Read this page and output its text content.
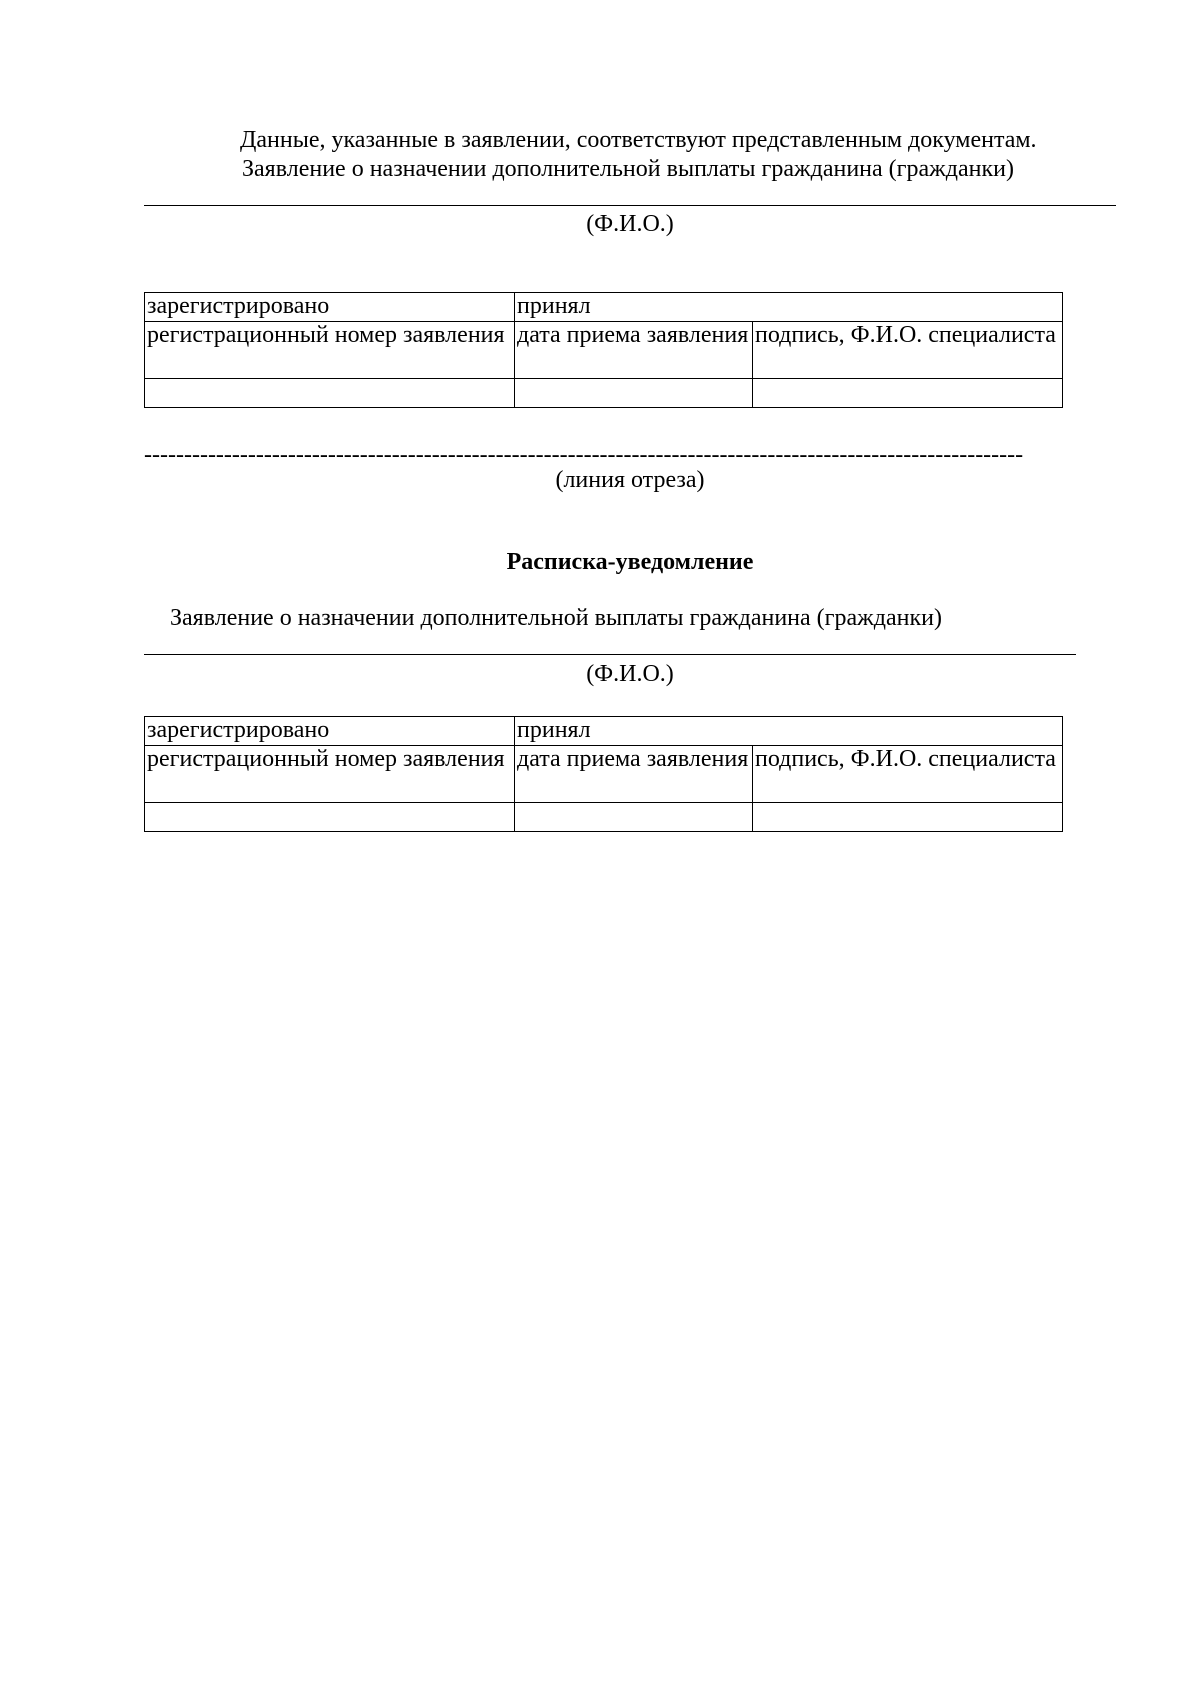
Данные, указанные в заявлении, соответствуют представленным документам.
Заявление о назначении дополнительной выплаты гражданина (гражданки)
(Ф.И.О.)
зарегистрировано	принял	
регистрационный номер заявления	дата приема заявления	подпись, Ф.И.О. специалиста

--------------------------------------------------------------------------------------------------------------
(линия отреза)
Расписка-уведомление
Заявление о назначении дополнительной выплаты гражданина (гражданки)
(Ф.И.О.)
зарегистрировано	принял	
регистрационный номер заявления	дата приема заявления	подпись, Ф.И.О. специалиста
